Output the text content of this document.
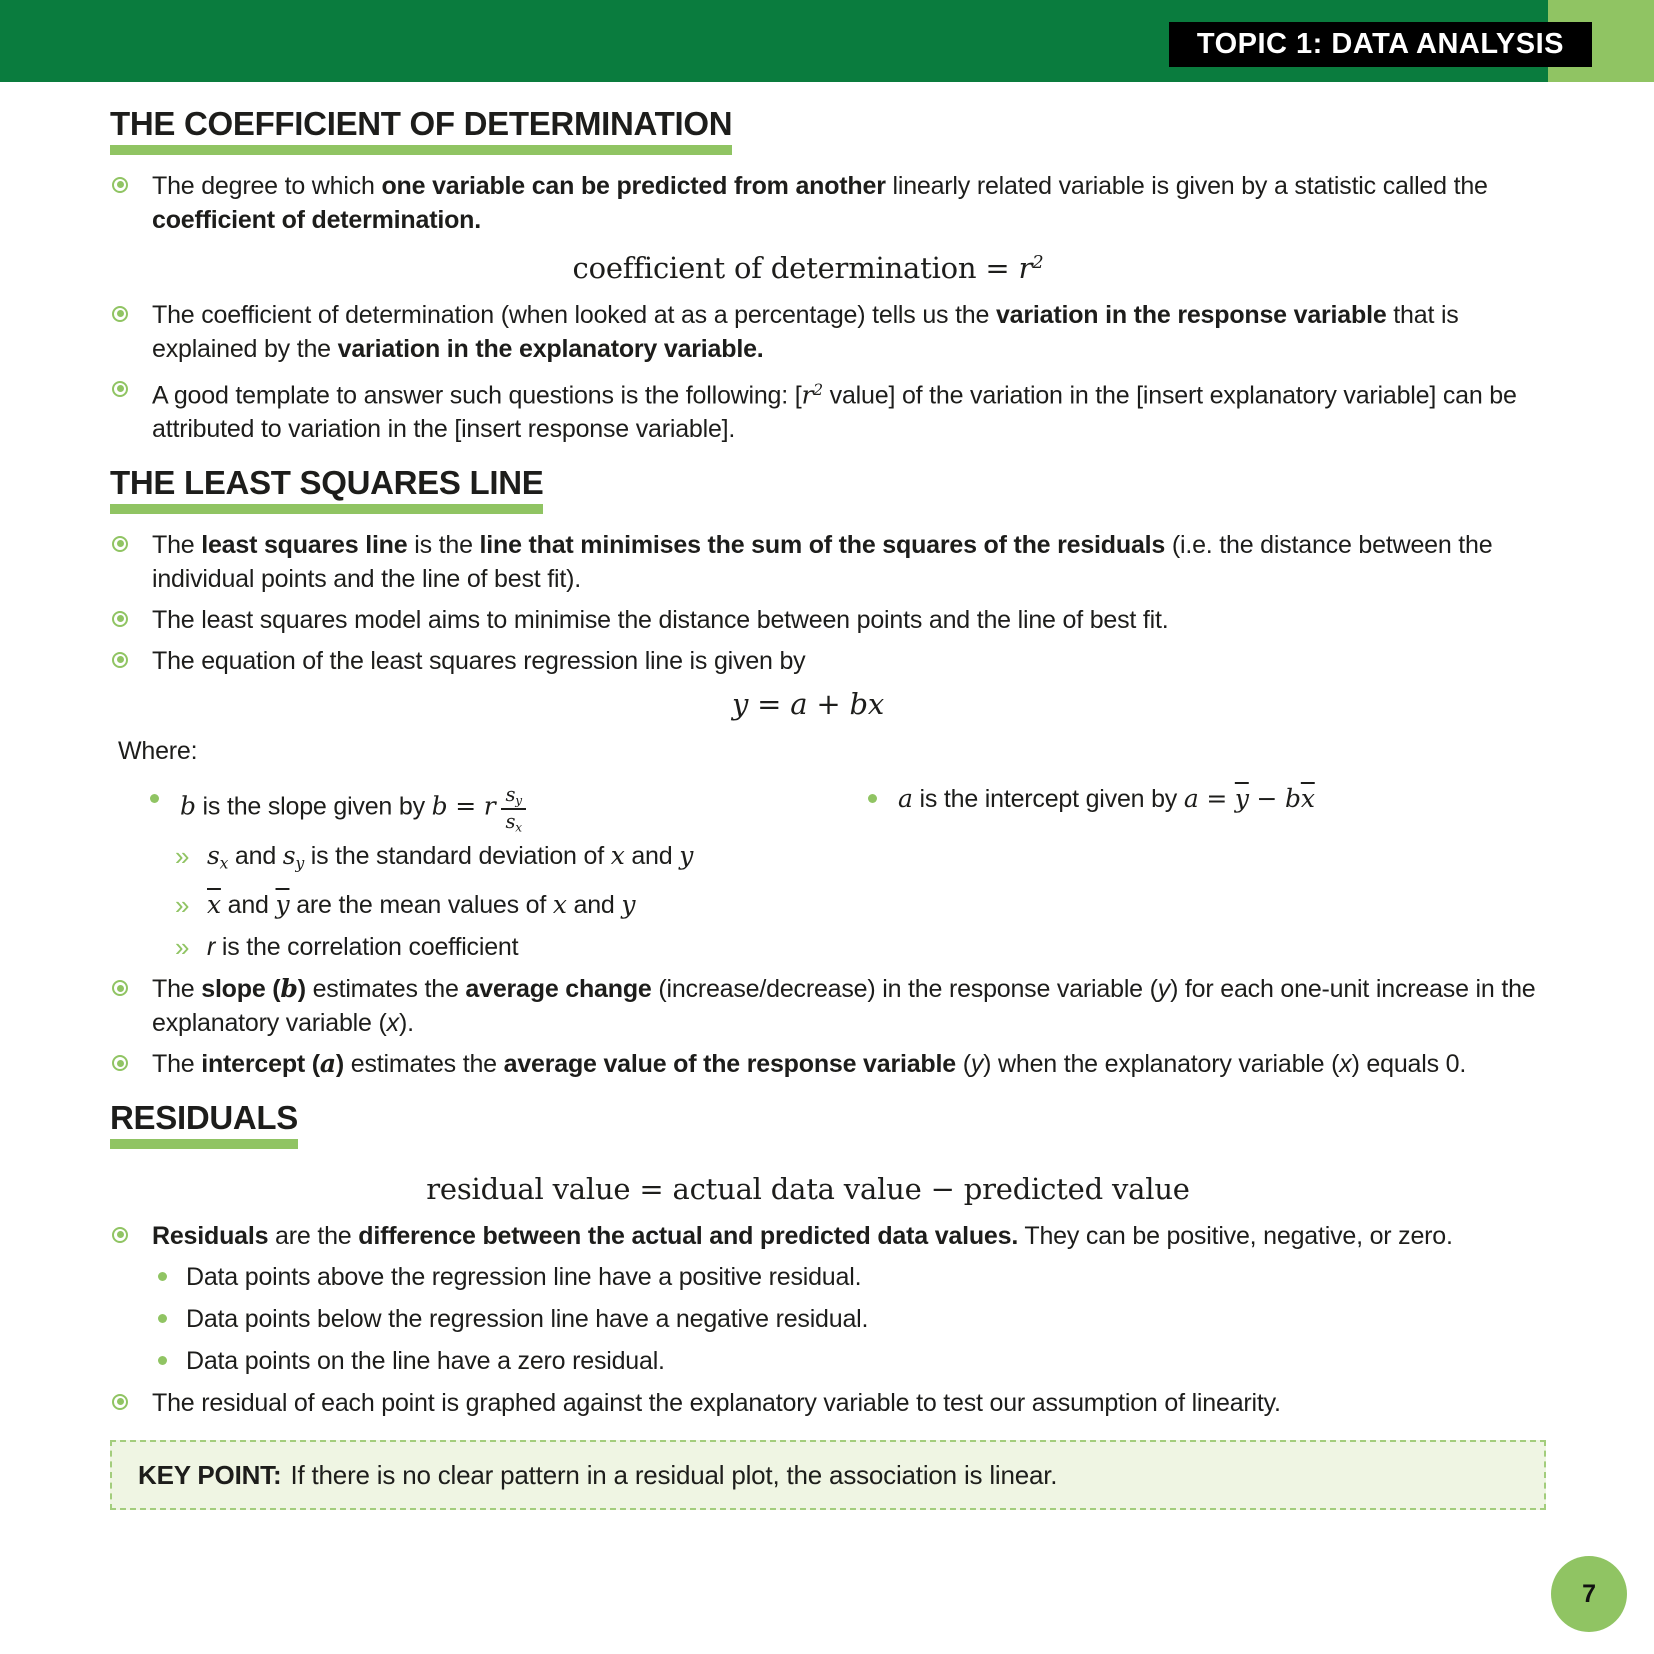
TOPIC 1: DATA ANALYSIS
THE COEFFICIENT OF DETERMINATION

The degree to which one variable can be predicted from another linearly related variable is given by a statistic called the coefficient of determination.

coefficient of determination = $r^2$

The coefficient of determination (when looked at as a percentage) tells us the variation in the response variable that is explained by the variation in the explanatory variable.

A good template to answer such questions is the following: [$r^2$ value] of the variation in the [insert explanatory variable] can be attributed to variation in the [insert response variable].

THE LEAST SQUARES LINE

The least squares line is the line that minimises the sum of the squares of the residuals (i.e. the distance between the individual points and the line of best fit).

The least squares model aims to minimise the distance between points and the line of best fit.

The equation of the least squares regression line is given by

y = a + bx

Where:

b is the slope given by b = r $\frac{sy}{sx}$	a is the intercept given by $a = \overline{y} - b\overline{x}$

» sx and sy is the standard deviation of x and y

» $\overline{x}$ and $\overline{y}$ are the mean values of x and y

» r is the correlation coefficient

The slope (b) estimates the average change (increase/decrease) in the response variable (y) for each one-unit increase in the explanatory variable (x).

The intercept (a) estimates the average value of the response variable (y) when the explanatory variable (x) equals 0.

RESIDUALS
residual value = actual data value − predicted value

Residuals are the difference between the actual and predicted data values. They can be positive, negative, or zero.

Data points above the regression line have a positive residual.

Data points below the regression line have a negative residual.

Data points on the line have a zero residual.

The residual of each point is graphed against the explanatory variable to test our assumption of linearity.

KEY POINT: If there is no clear pattern in a residual plot, the association is linear.
7
